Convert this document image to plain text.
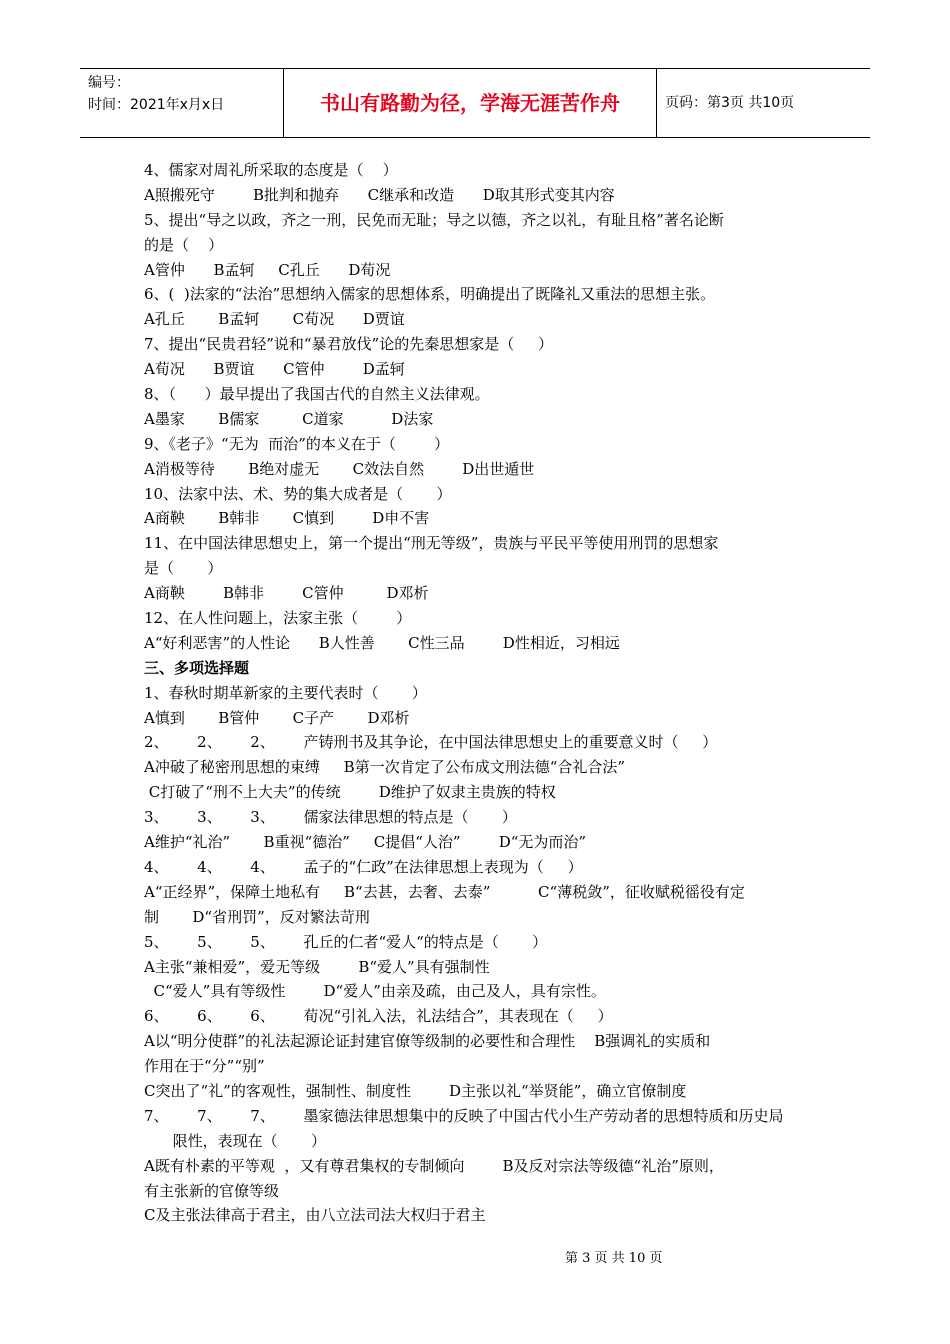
编号：
时间：2021年x月x日	书山有路勤为径，学海无涯苦作舟	页码：第3页 共10页
4、儒家对周礼所采取的态度是（    ）
A照搬死守        B批判和抛弃      C继承和改造      D取其形式变其内容
5、提出“导之以政，齐之一刑，民免而无耻；导之以德，齐之以礼，有耻且格”著名论断
的是（    ）
A管仲      B孟轲     C孔丘      D荀况
6、(  )法家的“法治”思想纳入儒家的思想体系，明确提出了既隆礼又重法的思想主张。
A孔丘       B孟轲       C荀况      D贾谊
7、提出“民贵君轻”说和“暴君放伐”论的先秦思想家是（     ）
A荀况      B贾谊      C管仲        D孟轲
8、（      ）最早提出了我国古代的自然主义法律观。
A墨家       B儒家         C道家          D法家
9、《老子》“无为  而治”的本义在于（        ）
A消极等待       B绝对虚无       C效法自然        D出世遁世
10、法家中法、术、势的集大成者是（       ）
A商鞅       B韩非       C慎到        D申不害
11、在中国法律思想史上，第一个提出“刑无等级”，贵族与平民平等使用刑罚的思想家
是（       ）
A商鞅        B韩非        C管仲         D邓析
12、在人性问题上，法家主张（        ）
A“好利恶害”的人性论      B人性善       C性三品        D性相近，习相远
三、多项选择题
1、春秋时期革新家的主要代表时（       ）
A慎到       B管仲       C子产       D邓析
2、      2、      2、      产铸刑书及其争论，在中国法律思想史上的重要意义时（     ）
A冲破了秘密刑思想的束缚     B第一次肯定了公布成文刑法德“合礼合法”
C打破了“刑不上大夫”的传统        D维护了奴隶主贵族的特权
3、      3、      3、      儒家法律思想的特点是（       ）
A维护“礼治”       B重视“德治”     C提倡“人治”        D“无为而治”
4、      4、      4、      孟子的“仁政”在法律思想上表现为（     ）
A“正经界”，保障土地私有     B“去甚，去奢、去泰”          C“薄税敛”，征收赋税徭役有定
制       D“省刑罚”，反对繁法苛刑
5、      5、      5、      孔丘的仁者“爱人“的特点是（       ）
A主张“兼相爱”，爱无等级        B“爱人”具有强制性
C“爱人”具有等级性        D“爱人”由亲及疏，由己及人，具有宗性。
6、      6、      6、      荀况“引礼入法，礼法结合”，其表现在（     ）
A以“明分使群”的礼法起源论证封建官僚等级制的必要性和合理性    B强调礼的实质和
作用在于“分”“别”
C突出了“礼”的客观性，强制性、制度性        D主张以礼“举贤能”，确立官僚制度
7、      7、      7、      墨家德法律思想集中的反映了中国古代小生产劳动者的思想特质和历史局
限性，表现在（       ）
A既有朴素的平等观  ，又有尊君集权的专制倾向        B及反对宗法等级德“礼治”原则，
有主张新的官僚等级
C及主张法律高于君主，由八立法司法大权归于君主
第 3 页 共 10 页
